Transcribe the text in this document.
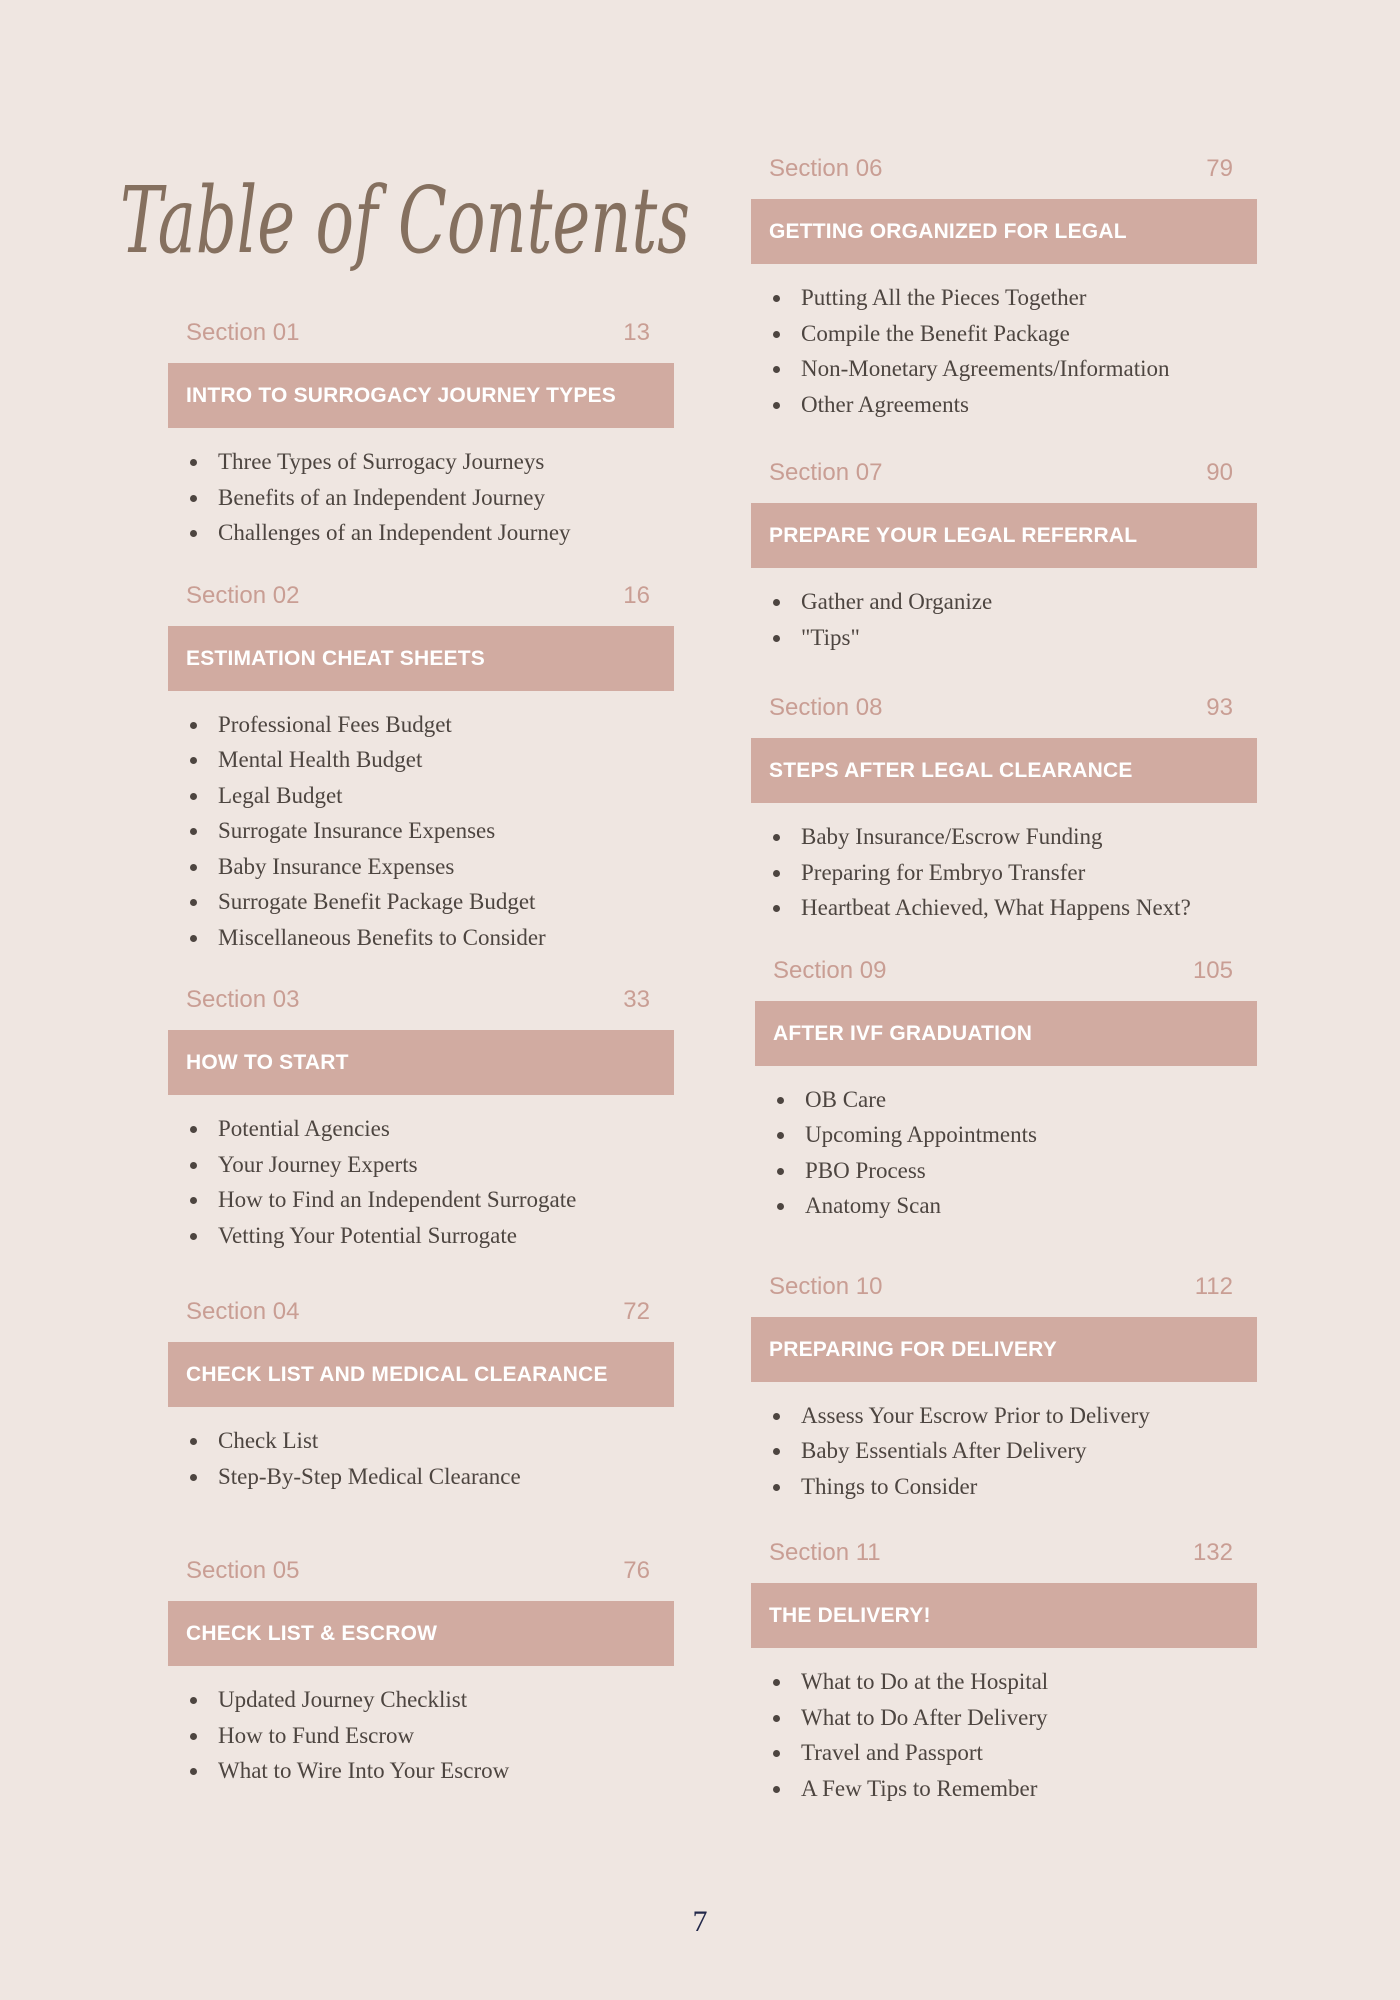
Table of Contents
Section 01	13
INTRO TO SURROGACY JOURNEY TYPES
Three Types of Surrogacy Journeys
Benefits of an Independent Journey
Challenges of an Independent Journey
Section 02	16
ESTIMATION CHEAT SHEETS
Professional Fees Budget
Mental Health Budget
Legal Budget
Surrogate Insurance Expenses
Baby Insurance Expenses
Surrogate Benefit Package Budget
Miscellaneous Benefits to Consider
Section 03	33
HOW TO START
Potential Agencies
Your Journey Experts
How to Find an Independent Surrogate
Vetting Your Potential Surrogate
Section 04	72
CHECK LIST AND MEDICAL CLEARANCE
Check List
Step-By-Step Medical Clearance
Section 05	76
CHECK LIST & ESCROW
Updated Journey Checklist
How to Fund Escrow
What to Wire Into Your Escrow
Section 06	79
GETTING ORGANIZED FOR LEGAL
Putting All the Pieces Together
Compile the Benefit Package
Non-Monetary Agreements/Information
Other Agreements
Section 07	90
PREPARE YOUR LEGAL REFERRAL
Gather and Organize
"Tips"
Section 08	93
STEPS AFTER LEGAL CLEARANCE
Baby Insurance/Escrow Funding
Preparing for Embryo Transfer
Heartbeat Achieved, What Happens Next?
Section 09	105
AFTER IVF GRADUATION
OB Care
Upcoming Appointments
PBO Process
Anatomy Scan
Section 10	112
PREPARING FOR DELIVERY
Assess Your Escrow Prior to Delivery
Baby Essentials After Delivery
Things to Consider
Section 11	132
THE DELIVERY!
What to Do at the Hospital
What to Do After Delivery
Travel and Passport
A Few Tips to Remember
7
